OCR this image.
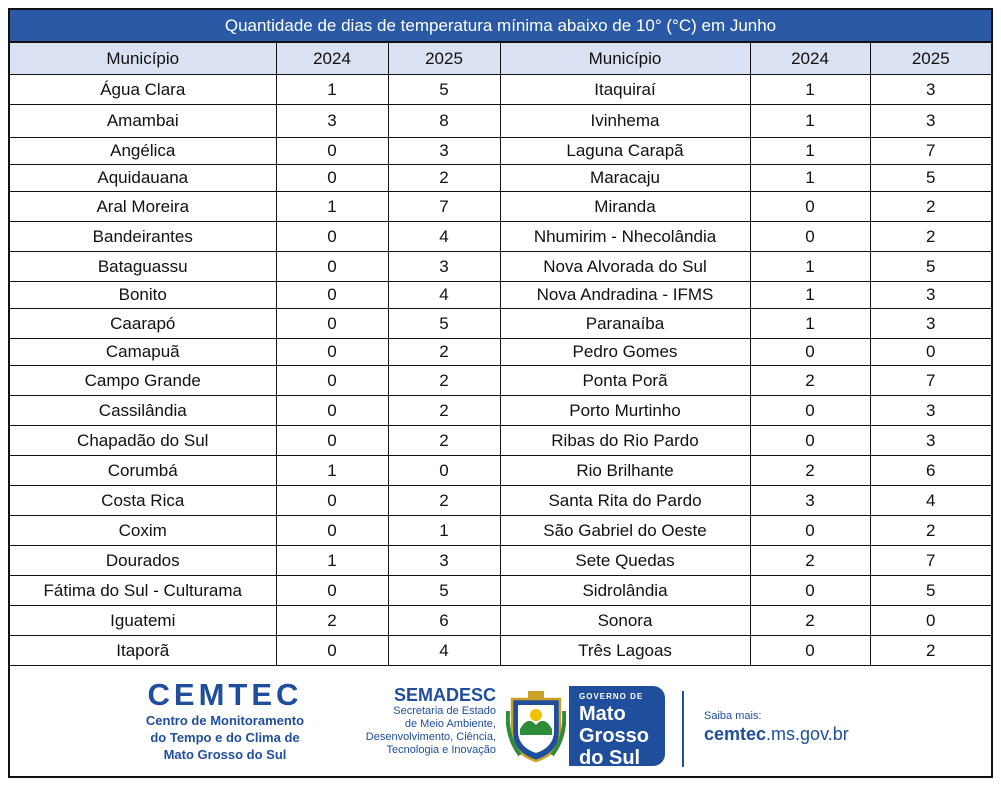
Quantidade de dias de temperatura mínima abaixo de 10° (°C) em Junho
Município	2024	2025	Município	2024	2025
Água Clara	1	5	Itaquiraí	1	3
Amambai	3	8	Ivinhema	1	3
Angélica	0	3	Laguna Carapã	1	7
Aquidauana	0	2	Maracaju	1	5
Aral Moreira	1	7	Miranda	0	2
Bandeirantes	0	4	Nhumirim - Nhecolândia	0	2
Bataguassu	0	3	Nova Alvorada do Sul	1	5
Bonito	0	4	Nova Andradina - IFMS	1	3
Caarapó	0	5	Paranaíba	1	3
Camapuã	0	2	Pedro Gomes	0	0
Campo Grande	0	2	Ponta Porã	2	7
Cassilândia	0	2	Porto Murtinho	0	3
Chapadão do Sul	0	2	Ribas do Rio Pardo	0	3
Corumbá	1	0	Rio Brilhante	2	6
Costa Rica	0	2	Santa Rita do Pardo	3	4
Coxim	0	1	São Gabriel do Oeste	0	2
Dourados	1	3	Sete Quedas	2	7
Fátima do Sul - Culturama	0	5	Sidrolândia	0	5
Iguatemi	2	6	Sonora	2	0
Itaporã	0	4	Três Lagoas	0	2
CEMTEC
Centro de Monitoramento
do Tempo e do Clima de
Mato Grosso do Sul
SEMADESC
Secretaria de Estado
de Meio Ambiente,
Desenvolvimento, Ciência,
Tecnologia e Inovação
GOVERNO DE
Mato
Grosso
do Sul
Saiba mais:
cemtec.ms.gov.br
